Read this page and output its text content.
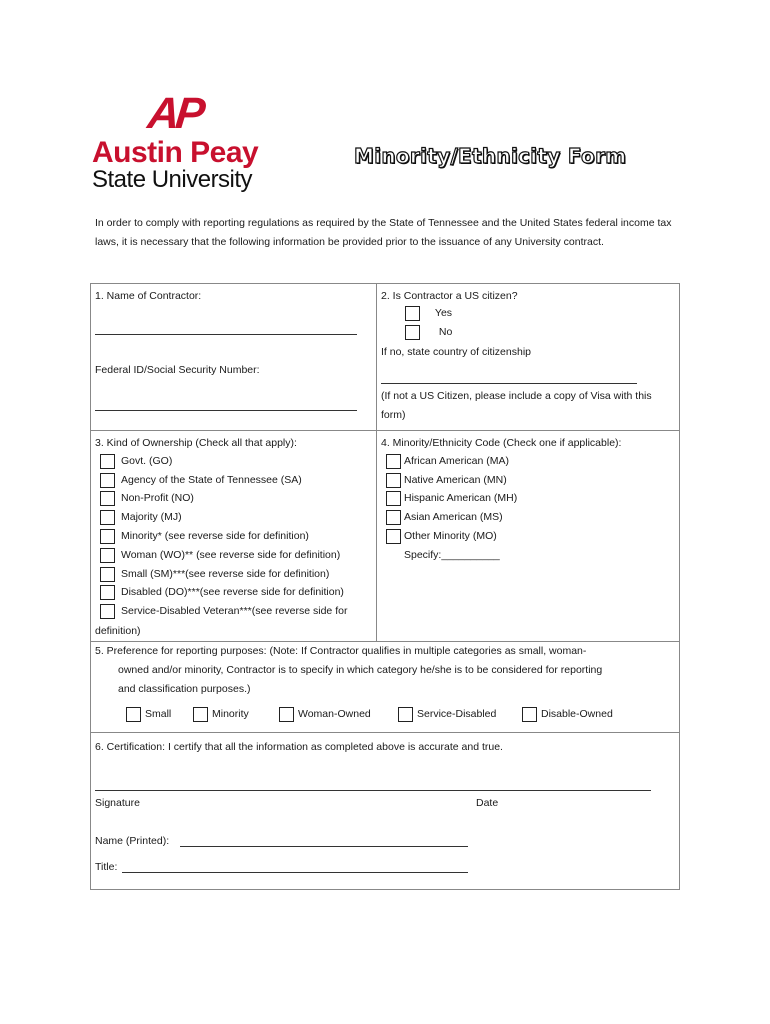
AP
Austin Peay
State University
Minority/Ethnicity Form
In order to comply with reporting regulations as required by the State of Tennessee and the United States federal income tax laws, it is necessary that the following information be provided prior to the issuance of any University contract.
1. Name of Contractor:
Federal ID/Social Security Number:
2. Is Contractor a US citizen?
Yes
No
If no, state country of citizenship
(If not a US Citizen, please include a copy of Visa with this
form)
3. Kind of Ownership (Check all that apply):
Govt. (GO)
Agency of the State of Tennessee (SA)
Non-Profit (NO)
Majority (MJ)
Minority* (see reverse side for definition)
Woman (WO)** (see reverse side for definition)
Small (SM)***(see reverse side for definition)
Disabled (DO)***(see reverse side for definition)
Service-Disabled Veteran***(see reverse side for
definition)
4. Minority/Ethnicity Code (Check one if applicable):
African American (MA)
Native American (MN)
Hispanic American (MH)
Asian American (MS)
Other Minority (MO)
Specify:__________
5. Preference for reporting purposes: (Note: If Contractor qualifies in multiple categories as small, woman-
owned and/or minority, Contractor is to specify in which category he/she is to be considered for reporting
and classification purposes.)
Small	Minority	Woman-Owned	Service-Disabled	Disable-Owned
6. Certification: I certify that all the information as completed above is accurate and true.
Signature	Date
Name (Printed):
Title:
